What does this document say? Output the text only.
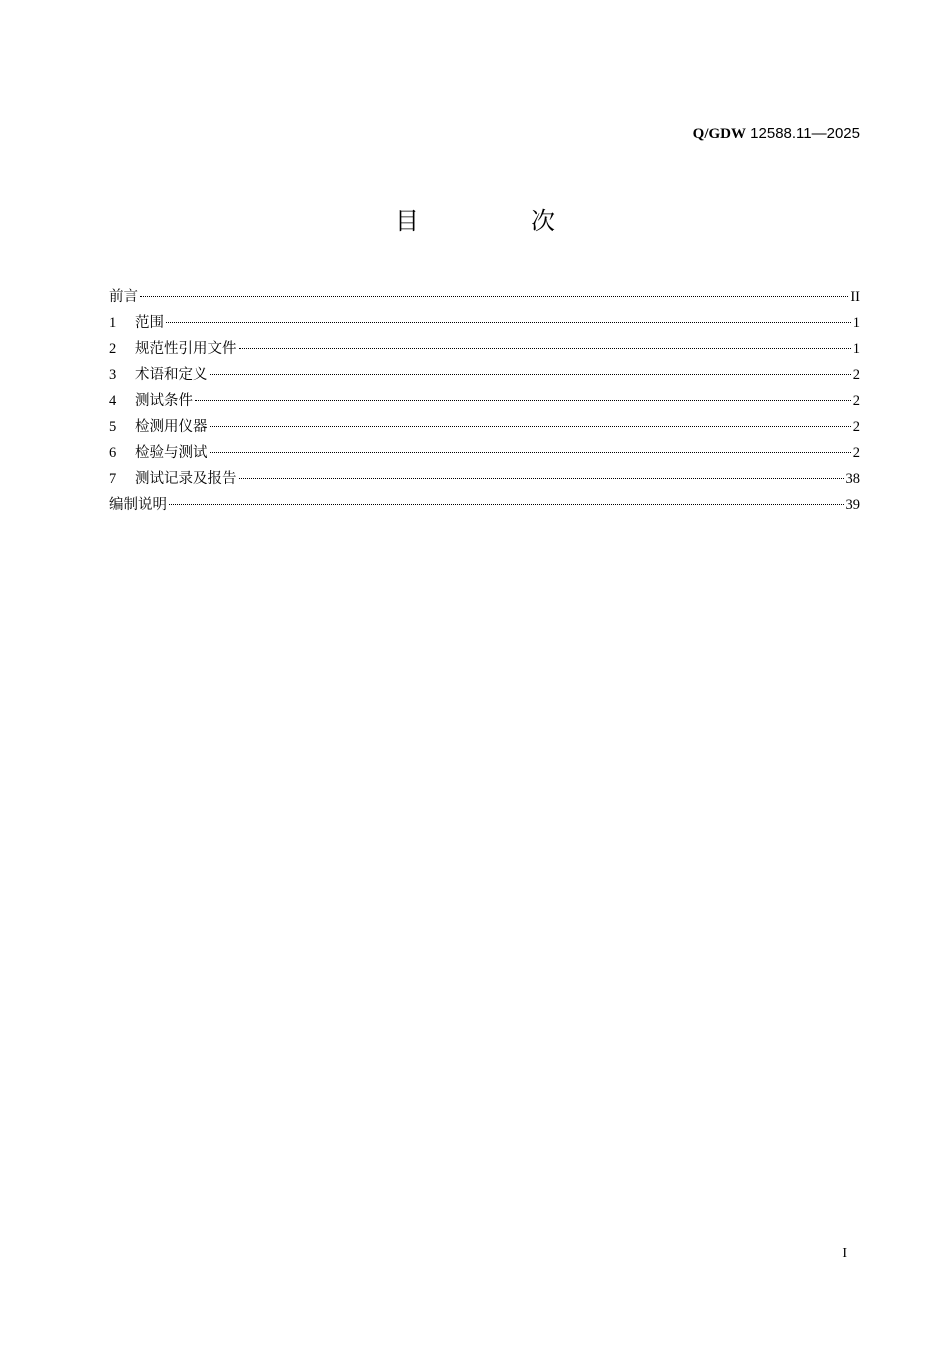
Q/GDW 12588.11—2025
目　次
前言	II
1	范围	1
2	规范性引用文件	1
3	术语和定义	2
4	测试条件	2
5	检测用仪器	2
6	检验与测试	2
7	测试记录及报告	38
编制说明	39
I
